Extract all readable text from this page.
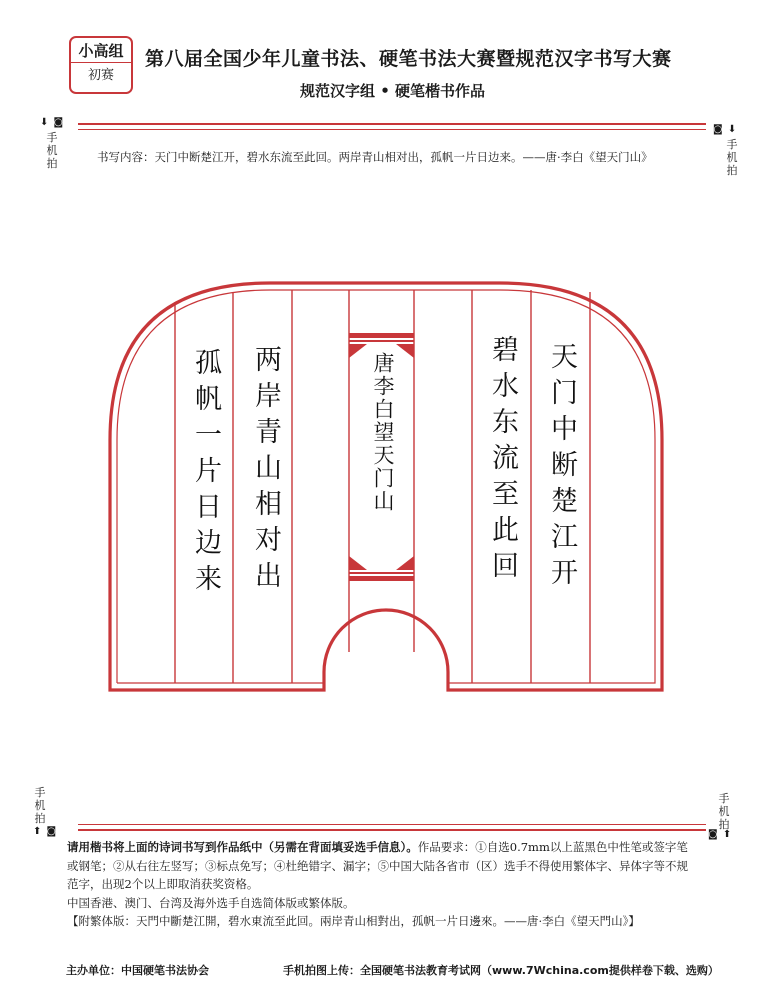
小高组
初赛
第八届全国少年儿童书法、硬笔书法大赛暨规范汉字书写大赛
规范汉字组 • 硬笔楷书作品
⬇ ◙
手机拍
◙ ⬇
手机拍
书写内容：天门中断楚江开，碧水东流至此回。两岸青山相对出，孤帆一片日边来。——唐·李白《望天门山》
天门中断楚江开
碧水东流至此回
唐李白望天门山
两岸青山相对出
孤帆一片日边来
手机拍
⬆ ◙
手机拍
◙ ⬆

请用楷书将上面的诗词书写到作品纸中（另需在背面填妥选手信息）。作品要求：①自选0.7mm以上蓝黑色中性笔或签字笔或钢笔；②从右往左竖写；③标点免写；④杜绝错字、漏字；⑤中国大陆各省市（区）选手不得使用繁体字、异体字等不规范字，出现2个以上即取消获奖资格。

中国香港、澳门、台湾及海外选手自选简体版或繁体版。

【附繁体版：天門中斷楚江開，碧水東流至此回。兩岸青山相對出，孤帆一片日邊來。——唐·李白《望天門山》】

主办单位：中国硬笔书法协会	手机拍图上传：全国硬笔书法教育考试网（www.7Wchina.com提供样卷下载、选购）
